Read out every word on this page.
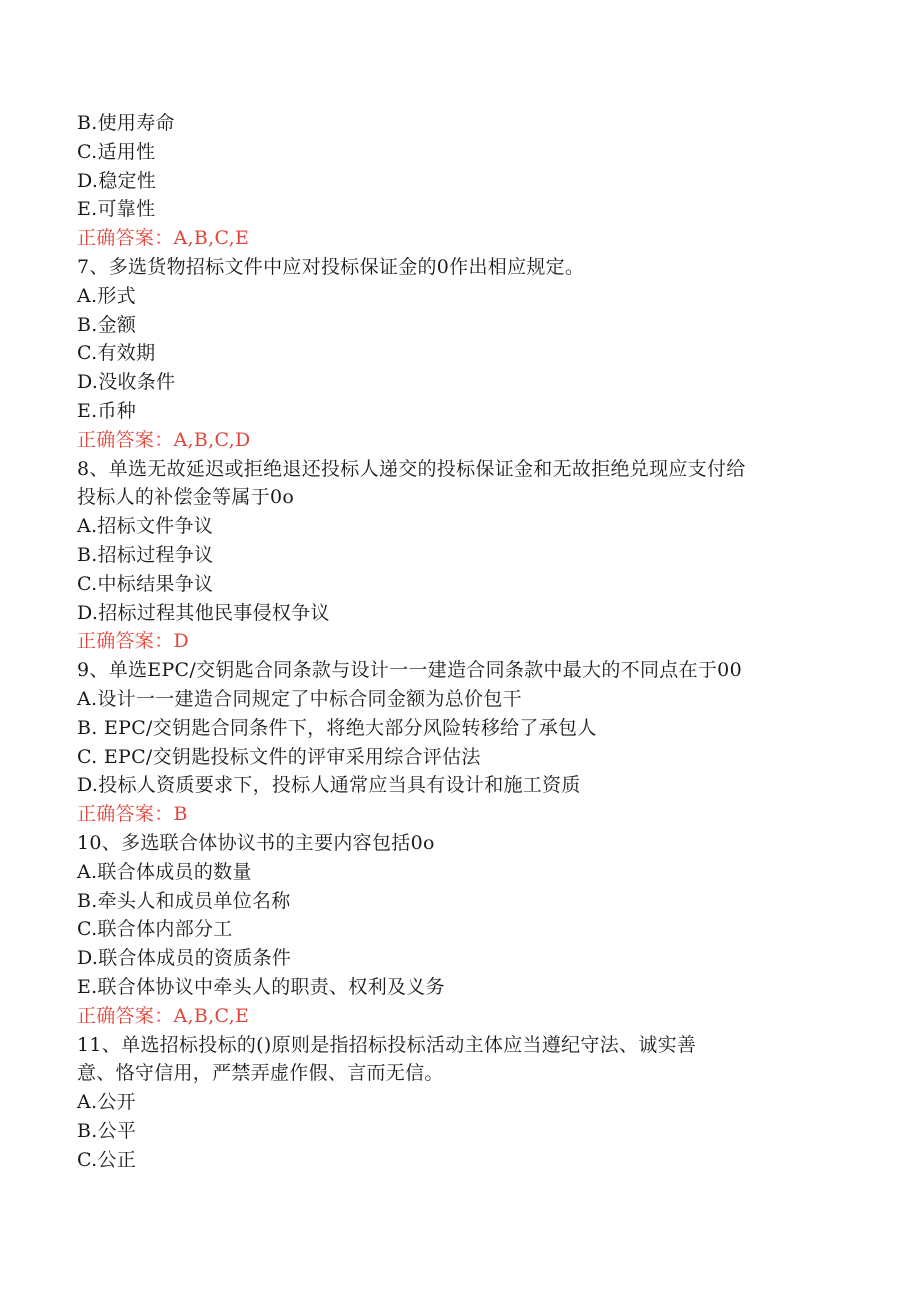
B.使用寿命
C.适用性
D.稳定性
E.可靠性
正确答案：A,B,C,E
7、多选货物招标文件中应对投标保证金的0作出相应规定。
A.形式
B.金额
C.有效期
D.没收条件
E.币种
正确答案：A,B,C,D
8、单选无故延迟或拒绝退还投标人递交的投标保证金和无故拒绝兑现应支付给
投标人的补偿金等属于0o
A.招标文件争议
B.招标过程争议
C.中标结果争议
D.招标过程其他民事侵权争议
正确答案：D
9、单选EPC/交钥匙合同条款与设计一一建造合同条款中最大的不同点在于00
A.设计一一建造合同规定了中标合同金额为总价包干
B. EPC/交钥匙合同条件下，将绝大部分风险转移给了承包人
C. EPC/交钥匙投标文件的评审采用综合评估法
D.投标人资质要求下，投标人通常应当具有设计和施工资质
正确答案：B
10、多选联合体协议书的主要内容包括0o
A.联合体成员的数量
B.牵头人和成员单位名称
C.联合体内部分工
D.联合体成员的资质条件
E.联合体协议中牵头人的职责、权利及义务
正确答案：A,B,C,E
11、单选招标投标的()原则是指招标投标活动主体应当遵纪守法、诚实善
意、恪守信用，严禁弄虚作假、言而无信。
A.公开
B.公平
C.公正
